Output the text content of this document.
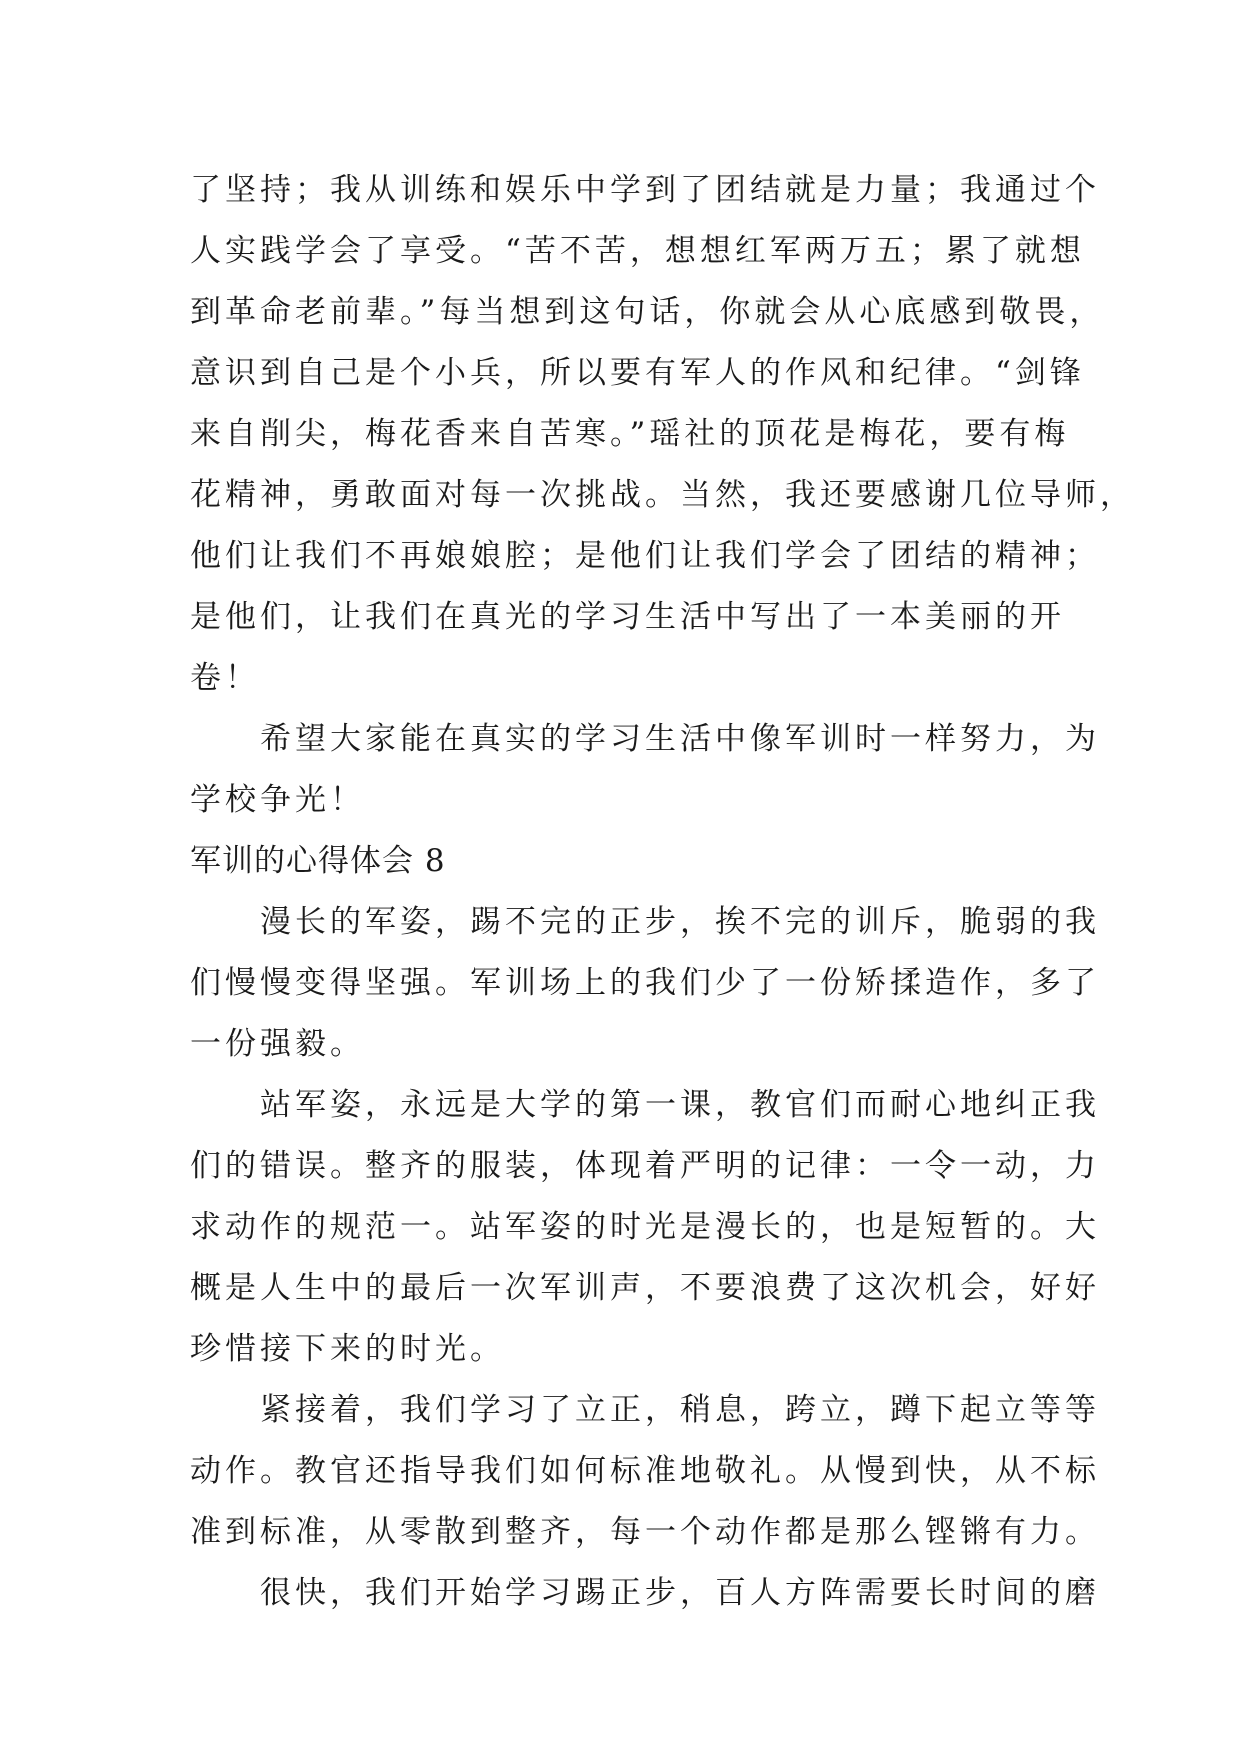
了坚持；我从训练和娱乐中学到了团结就是力量；我通过个
人实践学会了享受。“苦不苦，想想红军两万五；累了就想
到革命老前辈。”每当想到这句话，你就会从心底感到敬畏，
意识到自己是个小兵，所以要有军人的作风和纪律。“剑锋
来自削尖，梅花香来自苦寒。”瑶社的顶花是梅花，要有梅
花精神，勇敢面对每一次挑战。当然，我还要感谢几位导师，
他们让我们不再娘娘腔；是他们让我们学会了团结的精神；
是他们，让我们在真光的学习生活中写出了一本美丽的开
卷！
希望大家能在真实的学习生活中像军训时一样努力，为
学校争光！
军训的心得体会 8
漫长的军姿，踢不完的正步，挨不完的训斥，脆弱的我
们慢慢变得坚强。军训场上的我们少了一份矫揉造作，多了
一份强毅。
站军姿，永远是大学的第一课，教官们而耐心地纠正我
们的错误。整齐的服装，体现着严明的记律：一令一动，力
求动作的规范一。站军姿的时光是漫长的，也是短暂的。大
概是人生中的最后一次军训声，不要浪费了这次机会，好好
珍惜接下来的时光。
紧接着，我们学习了立正，稍息，跨立，蹲下起立等等
动作。教官还指导我们如何标准地敬礼。从慢到快，从不标
准到标准，从零散到整齐，每一个动作都是那么铿锵有力。
很快，我们开始学习踢正步，百人方阵需要长时间的磨
